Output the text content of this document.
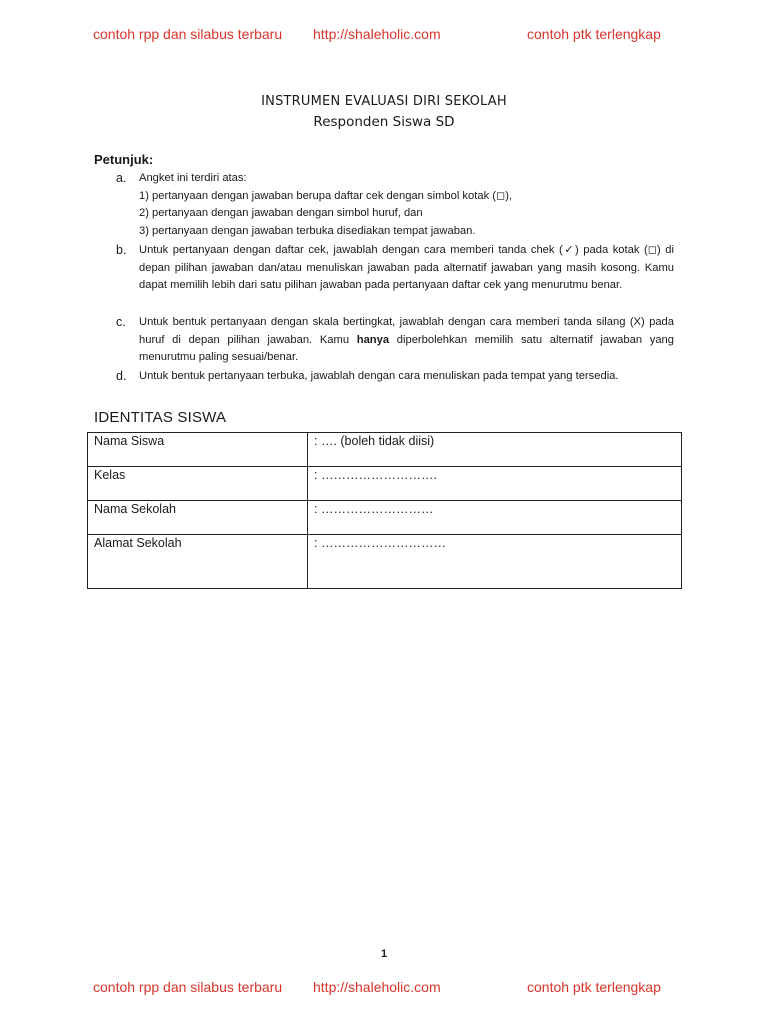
contoh rpp dan silabus terbaru http://shaleholic.com	contoh ptk terlengkap
INSTRUMEN EVALUASI DIRI SEKOLAH
Responden Siswa SD
Petunjuk:
a. Angket ini terdiri atas:
1) pertanyaan dengan jawaban berupa daftar cek dengan simbol kotak (◻),
2) pertanyaan dengan jawaban dengan simbol huruf, dan
3) pertanyaan dengan jawaban terbuka disediakan tempat jawaban.
b. Untuk pertanyaan dengan daftar cek, jawablah dengan cara memberi tanda chek (✓) pada kotak (◻) di depan pilihan jawaban dan/atau menuliskan jawaban pada alternatif jawaban yang masih kosong. Kamu dapat memilih lebih dari satu pilihan jawaban pada pertanyaan daftar cek yang menurutmu benar.
c. Untuk bentuk pertanyaan dengan skala bertingkat, jawablah dengan cara memberi tanda silang (X) pada huruf di depan pilihan jawaban. Kamu hanya diperbolehkan memilih satu alternatif jawaban yang menurutmu paling sesuai/benar.
d. Untuk bentuk pertanyaan terbuka, jawablah dengan cara menuliskan pada tempat yang tersedia.
IDENTITAS SISWA
Nama Siswa	: …. (boleh tidak diisi)
Kelas	: ……………………….
Nama Sekolah	: ………………………
Alamat Sekolah	: …………………………
1
contoh rpp dan silabus terbaru http://shaleholic.com	contoh ptk terlengkap
